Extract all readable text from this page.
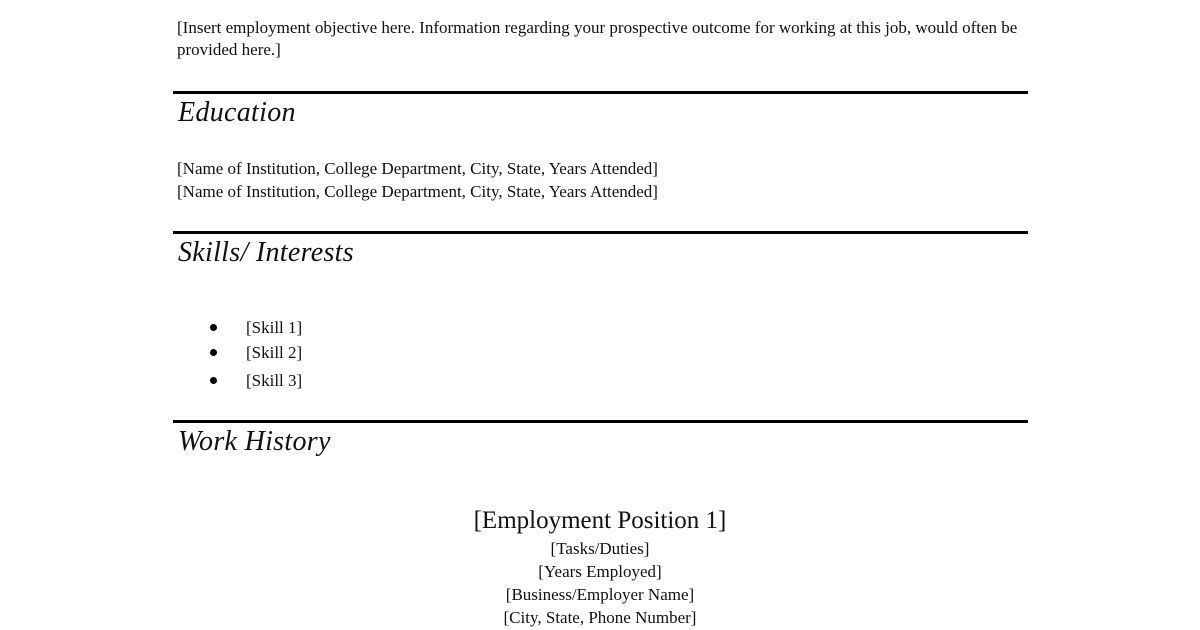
[Insert employment objective here. Information regarding your prospective outcome for working at this job, would often be provided here.]
Education
[Name of Institution, College Department, City, State, Years Attended]
[Name of Institution, College Department, City, State, Years Attended]
Skills/ Interests
[Skill 1]
[Skill 2]
[Skill 3]
Work History
[Employment Position 1]
[Tasks/Duties]
[Years Employed]
[Business/Employer Name]
[City, State, Phone Number]
